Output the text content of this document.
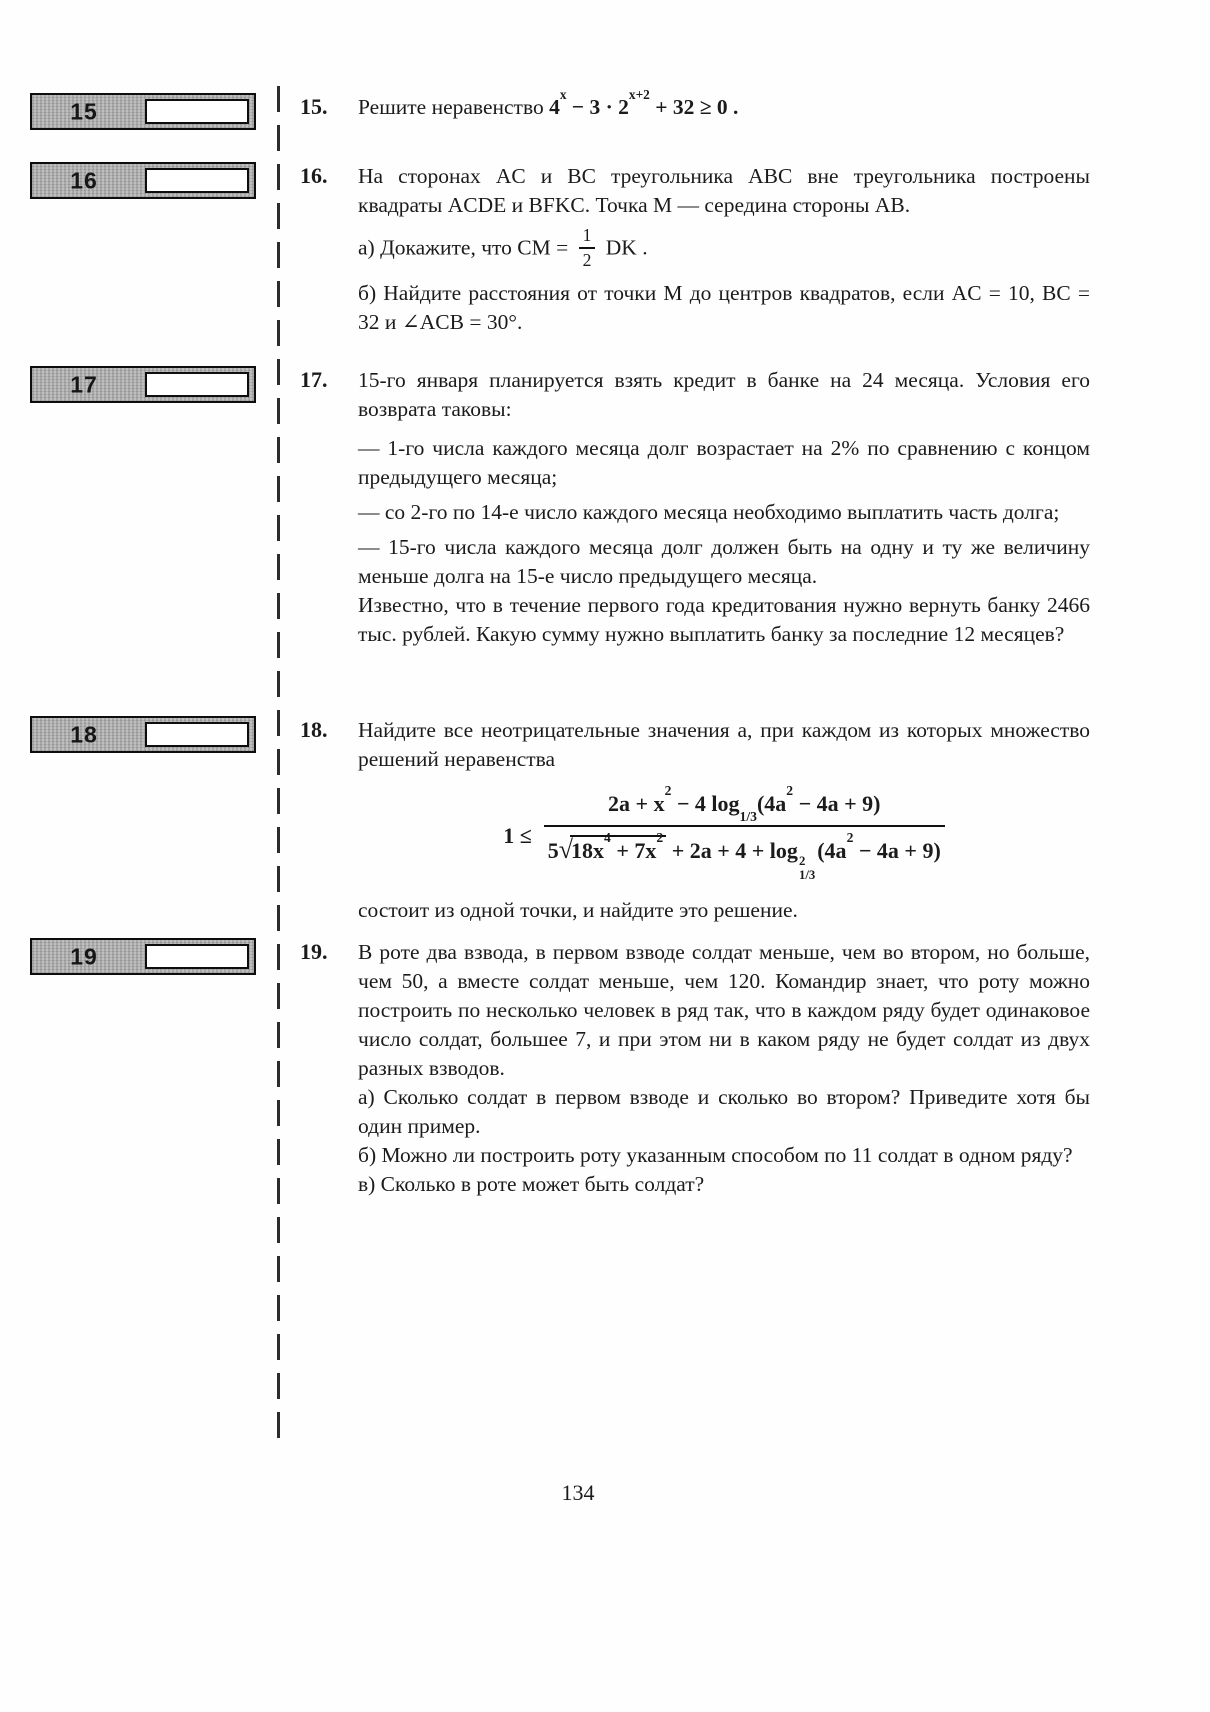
15
16
17
18
19
15.	Решите неравенство $4^x - 3 \cdot 2^{x+2} + 32 \ge 0$ .

16.	На сторонах AC и BC треугольника ABC вне треугольника построены квадраты ACDE и BFKC. Точка M — середина стороны AB.

а) Докажите, что CM = $\frac{1}{2}$ DK .

б) Найдите расстояния от точки M до центров квадратов, если AC = 10, BC = 32 и ∠ACB = 30°.

17.	15-го января планируется взять кредит в банке на 24 месяца. Условия его возврата таковы:

— 1-го числа каждого месяца долг возрастает на 2% по сравнению с концом предыдущего месяца;

— со 2-го по 14-е число каждого месяца необходимо выплатить часть долга;

— 15-го числа каждого месяца долг должен быть на одну и ту же величину меньше долга на 15-е число предыдущего месяца.

Известно, что в течение первого года кредитования нужно вернуть банку 2466 тыс. рублей. Какую сумму нужно выплатить банку за последние 12 месяцев?

18.	Найдите все неотрицательные значения a, при каждом из которых множество решений неравенства

$1 \le 2a + x^2 - 4$ $\log_{1/3}(4a^2 - 4a + 9)$
$5√18x^4 + 7x^2 + 2a + 4 + \log 2$
1/3
$(4a^2 - 4a + 9)$

состоит из одной точки, и найдите это решение.

19.	В роте два взвода, в первом взводе солдат меньше, чем во втором, но больше, чем 50, а вместе солдат меньше, чем 120. Командир знает, что роту можно построить по несколько человек в ряд так, что в каждом ряду будет одинаковое число солдат, большее 7, и при этом ни в каком ряду не будет солдат из двух разных взводов.

а) Сколько солдат в первом взводе и сколько во втором? Приведите хотя бы один пример.

б) Можно ли построить роту указанным способом по 11 солдат в одном ряду?

в) Сколько в роте может быть солдат?

134
